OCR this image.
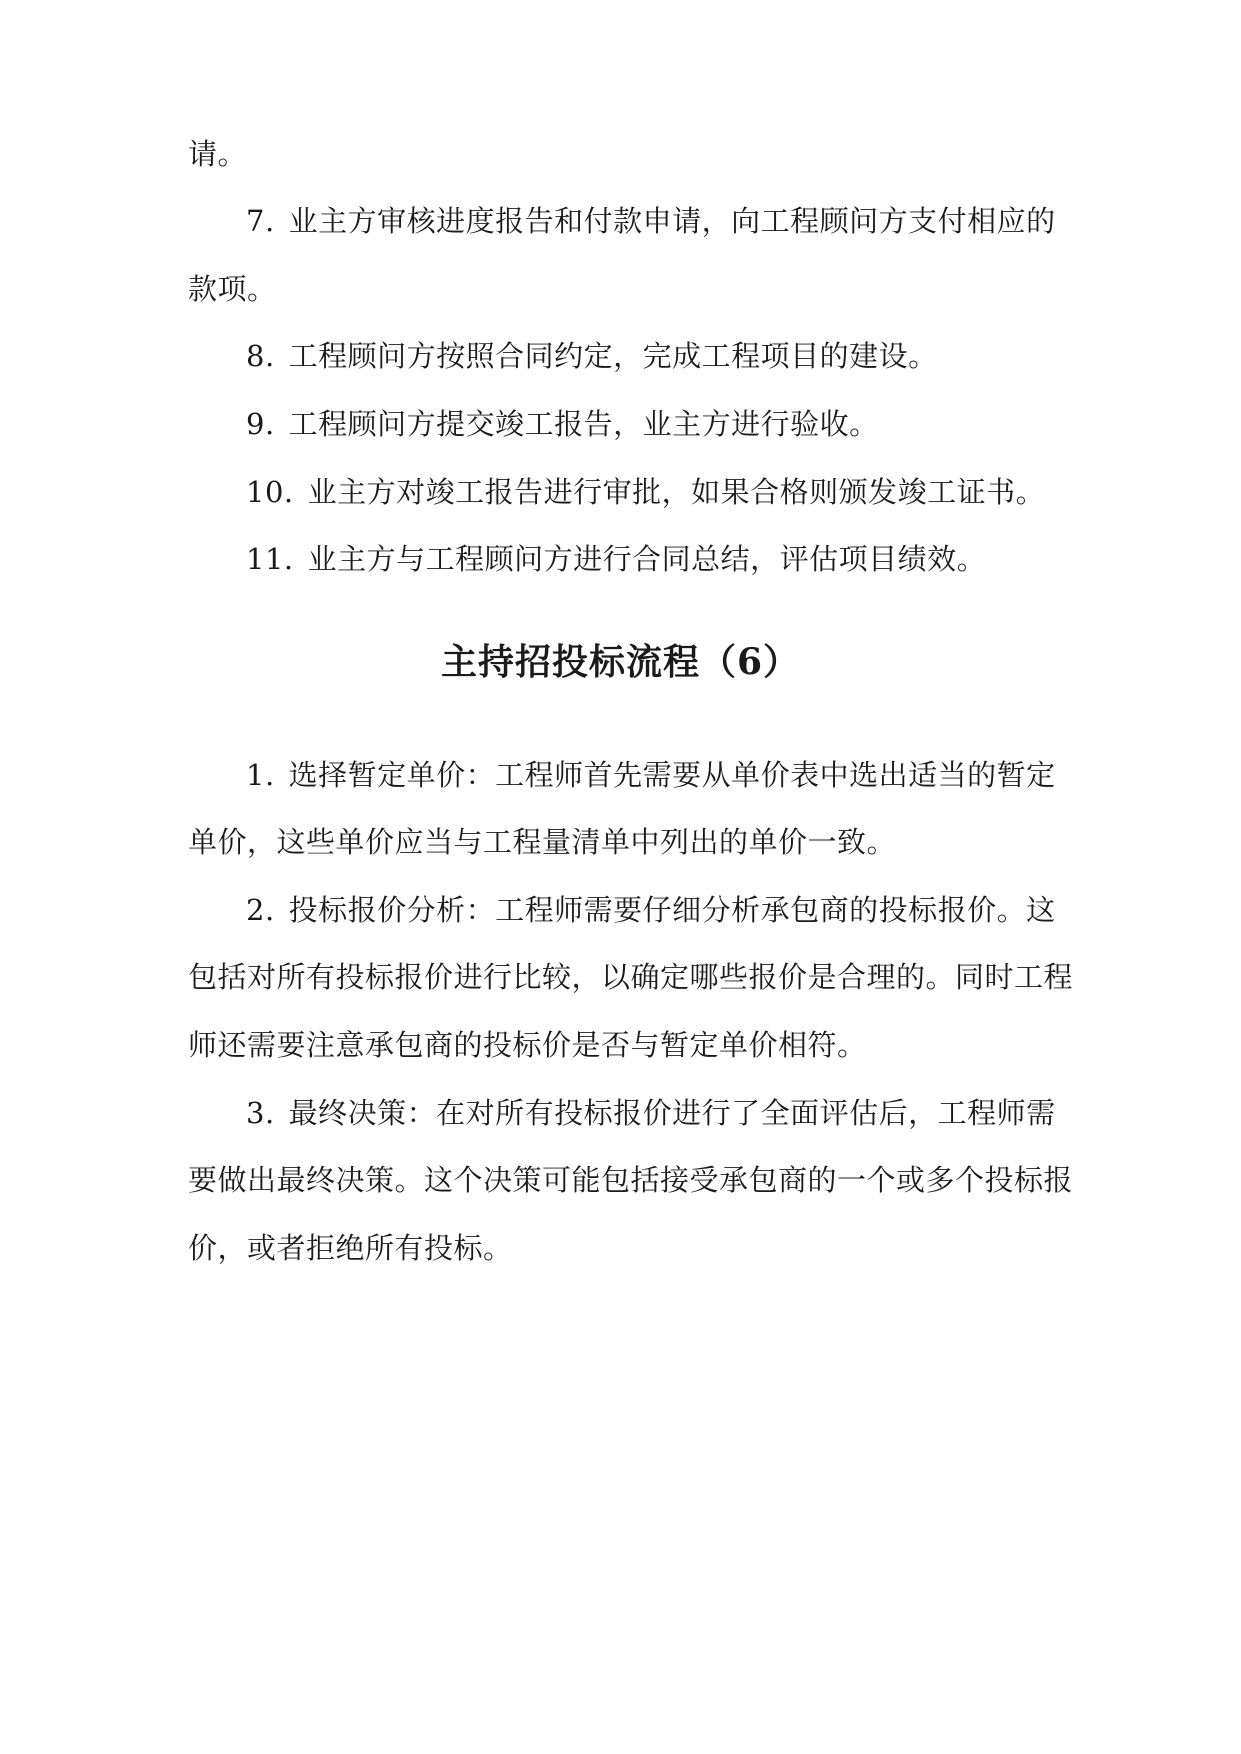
请。
7. 业主方审核进度报告和付款申请，向工程顾问方支付相应的
款项。
8. 工程顾问方按照合同约定，完成工程项目的建设。
9. 工程顾问方提交竣工报告，业主方进行验收。
10. 业主方对竣工报告进行审批，如果合格则颁发竣工证书。
11. 业主方与工程顾问方进行合同总结，评估项目绩效。
主持招投标流程（6）
1. 选择暂定单价：工程师首先需要从单价表中选出适当的暂定
单价，这些单价应当与工程量清单中列出的单价一致。
2. 投标报价分析：工程师需要仔细分析承包商的投标报价。这
包括对所有投标报价进行比较，以确定哪些报价是合理的。同时工程
师还需要注意承包商的投标价是否与暂定单价相符。
3. 最终决策：在对所有投标报价进行了全面评估后，工程师需
要做出最终决策。这个决策可能包括接受承包商的一个或多个投标报
价，或者拒绝所有投标。
